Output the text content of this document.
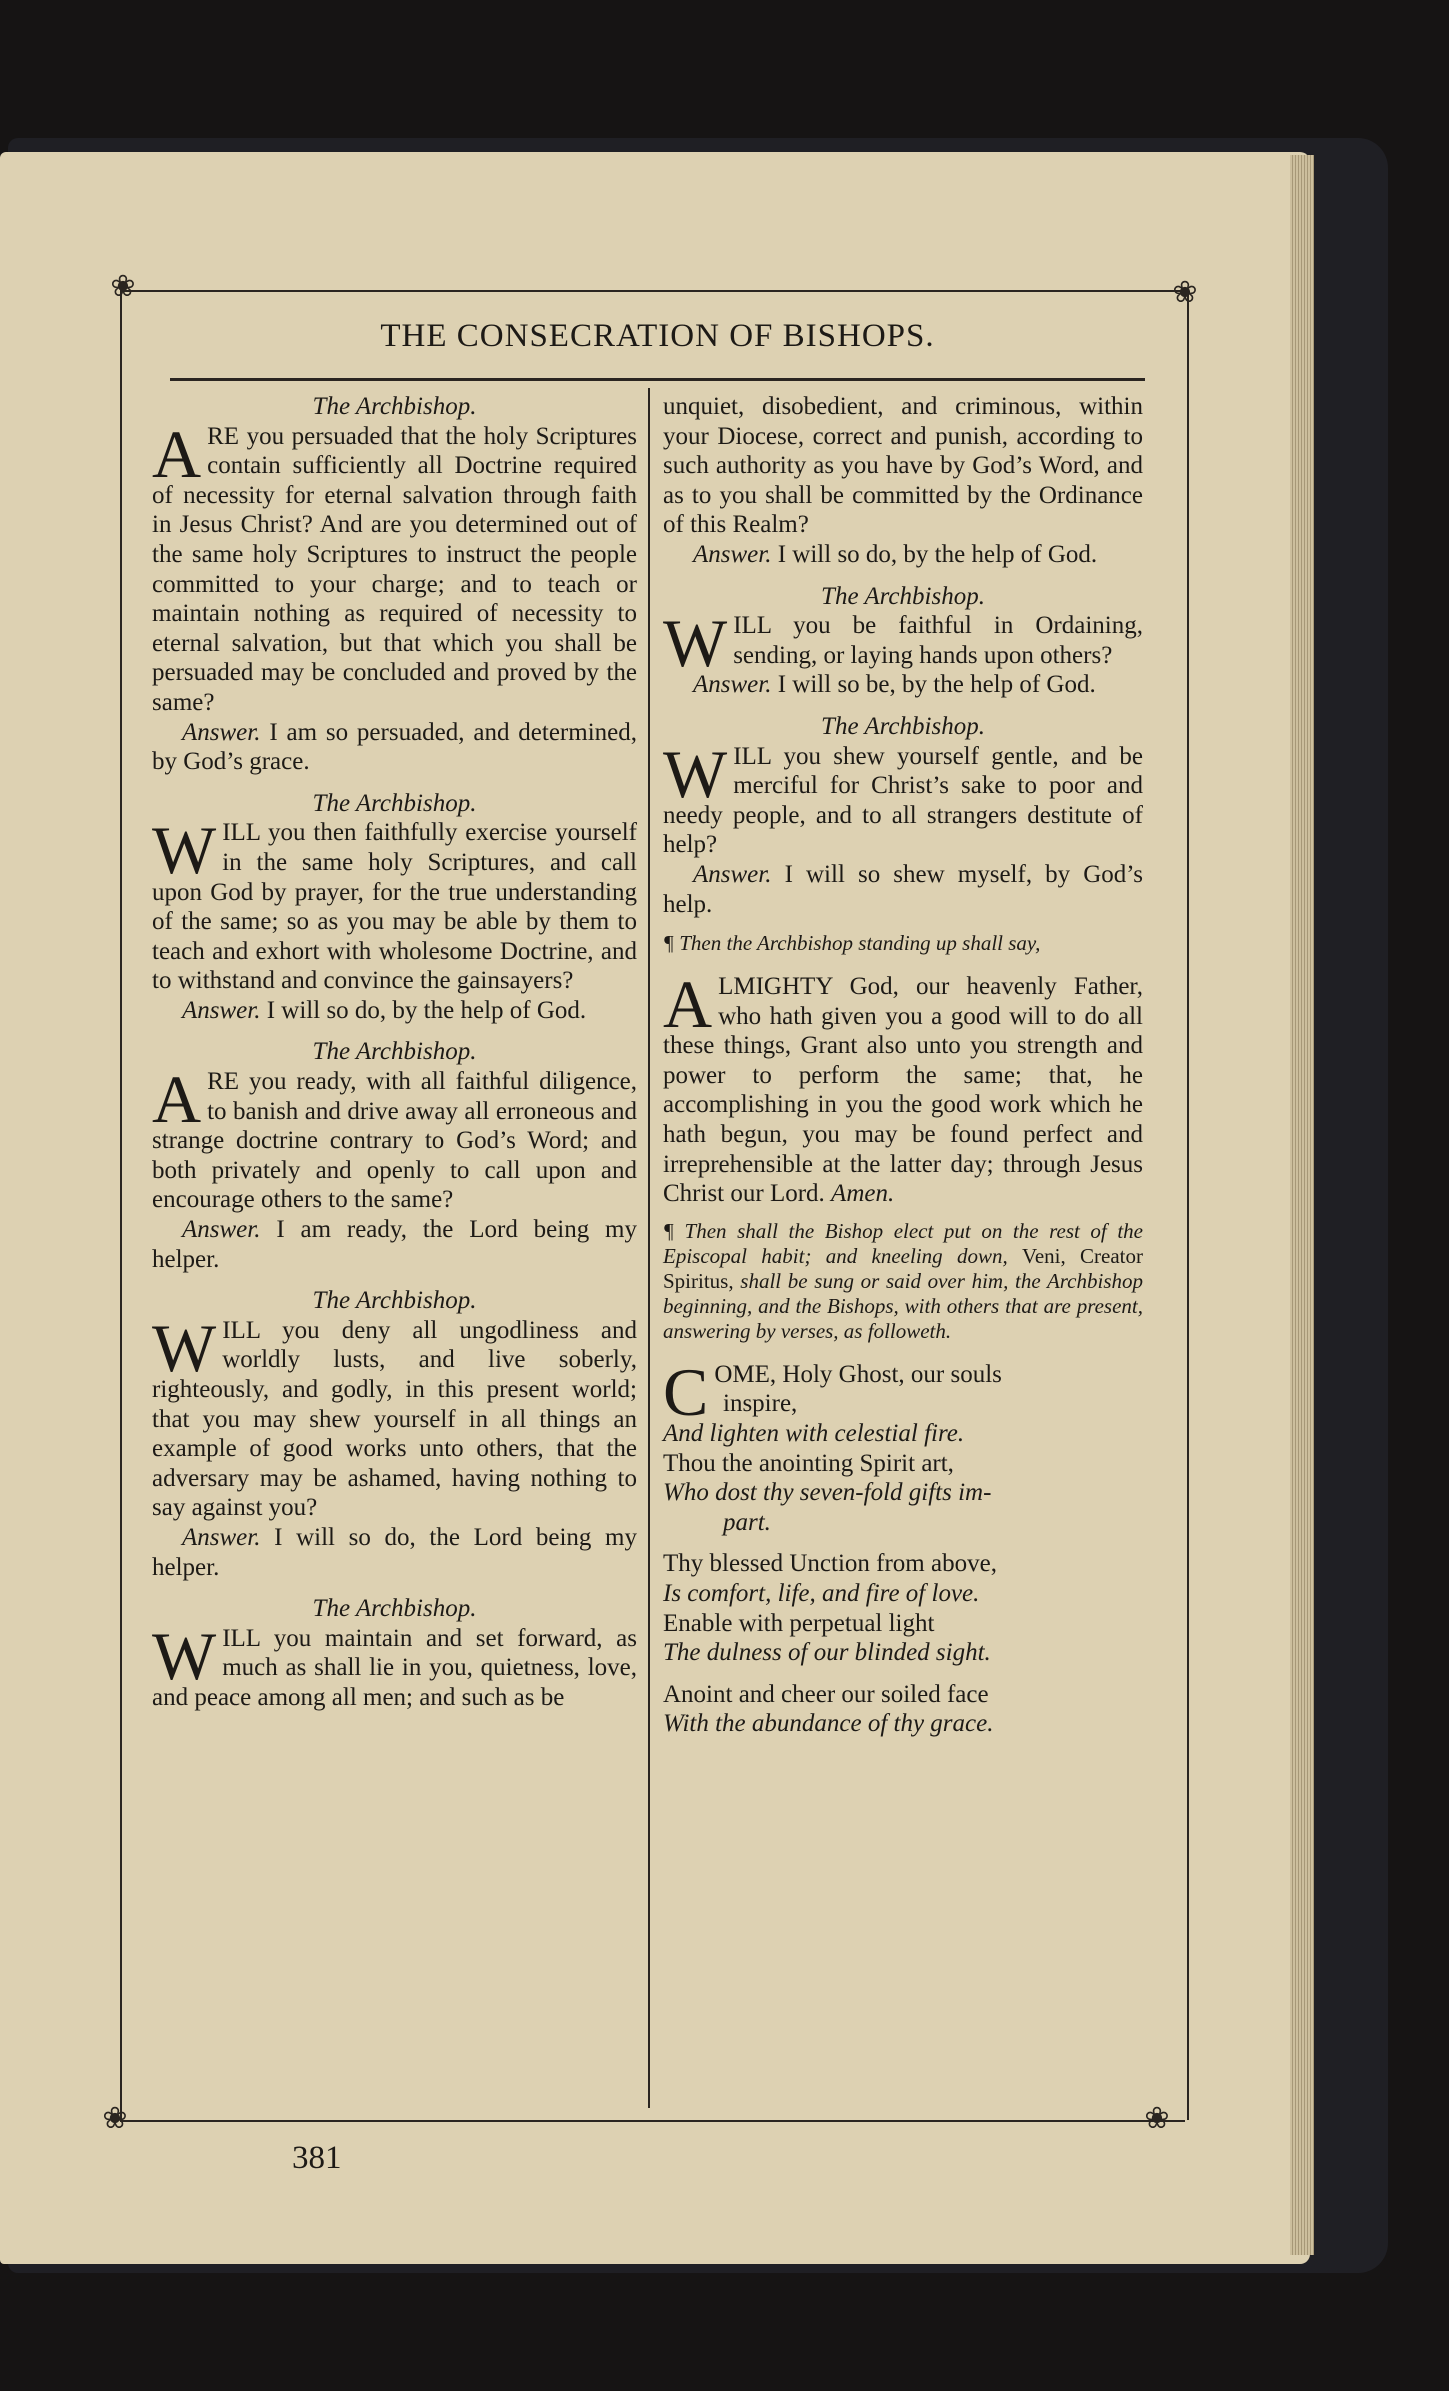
❀	❀
❀	❀
THE CONSECRATION OF BISHOPS.

The Archbishop.

ARE you persuaded that the holy Scriptures contain sufficiently all Doctrine required of necessity for eternal salvation through faith in Jesus Christ? And are you determined out of the same holy Scriptures to instruct the people committed to your charge; and to teach or maintain nothing as required of necessity to eternal salvation, but that which you shall be persuaded may be concluded and proved by the same?

Answer. I am so persuaded, and determined, by God’s grace.

The Archbishop.

WILL you then faithfully exercise yourself in the same holy Scriptures, and call upon God by prayer, for the true understanding of the same; so as you may be able by them to teach and exhort with wholesome Doctrine, and to withstand and convince the gainsayers?

Answer. I will so do, by the help of God.

The Archbishop.

ARE you ready, with all faithful diligence, to banish and drive away all erroneous and strange doctrine contrary to God’s Word; and both privately and openly to call upon and encourage others to the same?

Answer. I am ready, the Lord being my helper.

The Archbishop.

WILL you deny all ungodliness and worldly lusts, and live soberly, righteously, and godly, in this present world; that you may shew yourself in all things an example of good works unto others, that the adversary may be ashamed, having nothing to say against you?

Answer. I will so do, the Lord being my helper.

The Archbishop.

WILL you maintain and set forward, as much as shall lie in you, quietness, love, and peace among all men; and such as be

unquiet, disobedient, and criminous, within your Diocese, correct and punish, according to such authority as you have by God’s Word, and as to you shall be committed by the Ordinance of this Realm?

Answer. I will so do, by the help of God.

The Archbishop.

WILL you be faithful in Ordaining, sending, or laying hands upon others?

Answer. I will so be, by the help of God.

The Archbishop.

WILL you shew yourself gentle, and be merciful for Christ’s sake to poor and needy people, and to all strangers destitute of help?

Answer. I will so shew myself, by God’s help.

¶ Then the Archbishop standing up shall say,

ALMIGHTY God, our heavenly Father, who hath given you a good will to do all these things, Grant also unto you strength and power to perform the same; that, he accomplishing in you the good work which he hath begun, you may be found perfect and irreprehensible at the latter day; through Jesus Christ our Lord. Amen.

¶ Then shall the Bishop elect put on the rest of the Episcopal habit; and kneeling down, Veni, Creator Spiritus, shall be sung or said over him, the Archbishop beginning, and the Bishops, with others that are present, answering by verses, as followeth.

C OME, Holy Ghost, our souls
inspire,
And lighten with celestial fire.
Thou the anointing Spirit art,
Who dost thy seven-fold gifts im-
part.
Thy blessed Unction from above,
Is comfort, life, and fire of love.
Enable with perpetual light
The dulness of our blinded sight.
Anoint and cheer our soiled face
With the abundance of thy grace.
381
